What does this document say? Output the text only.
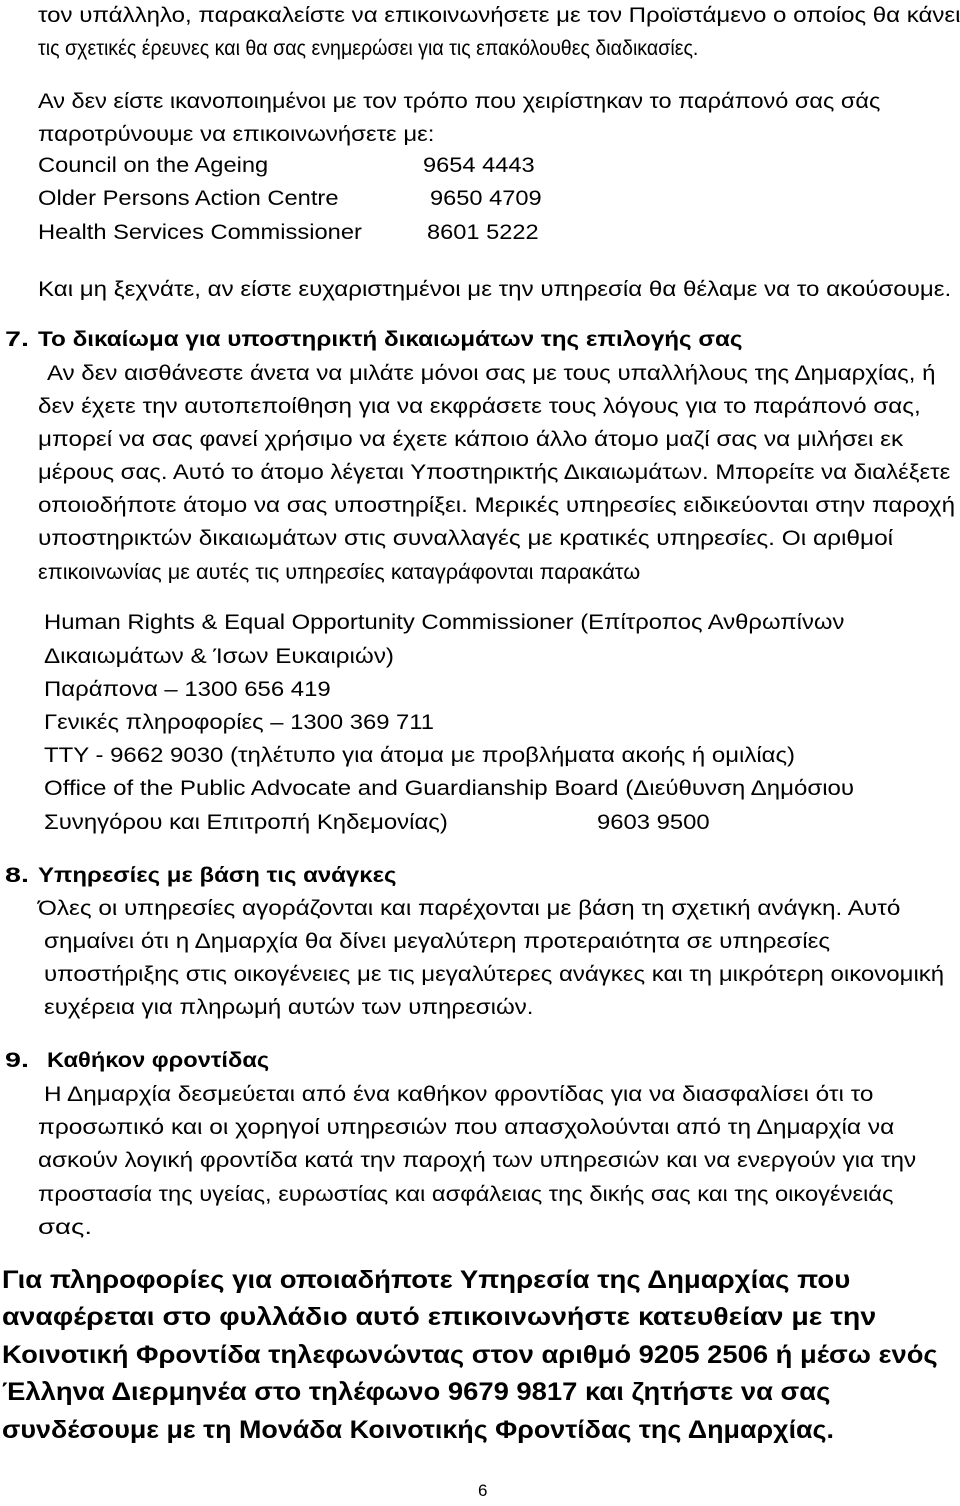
τον υπάλληλο, παρακαλείστε να επικοινωνήσετε με τον Προϊστάμενο ο οποίος θα κάνει
τις σχετικές έρευνες και θα σας ενημερώσει για τις επακόλουθες διαδικασίες.
Αν δεν είστε ικανοποιημένοι με τον τρόπο που χειρίστηκαν το παράπονό σας σάς
παροτρύνουμε να επικοινωνήσετε με:
Council on the Ageing	9654 4443
Older Persons Action Centre	9650 4709
Health Services Commissioner	8601 5222
Και μη ξεχνάτε, αν είστε ευχαριστημένοι με την υπηρεσία θα θέλαμε να το ακούσουμε.
7. Το δικαίωμα για υποστηρικτή δικαιωμάτων της επιλογής σας
Αν δεν αισθάνεστε άνετα να μιλάτε μόνοι σας με τους υπαλλήλους της Δημαρχίας, ή
δεν έχετε την αυτοπεποίθηση για να εκφράσετε τους λόγους για το παράπονό σας,
μπορεί να σας φανεί χρήσιμο να έχετε κάποιο άλλο άτομο μαζί σας να μιλήσει εκ
μέρους σας. Αυτό το άτομο λέγεται Υποστηρικτής Δικαιωμάτων. Μπορείτε να διαλέξετε
οποιοδήποτε άτομο να σας υποστηρίξει. Μερικές υπηρεσίες ειδικεύονται στην παροχή
υποστηρικτών δικαιωμάτων στις συναλλαγές με κρατικές υπηρεσίες. Οι αριθμοί
επικοινωνίας με αυτές τις υπηρεσίες καταγράφονται παρακάτω
Human Rights & Equal Opportunity Commissioner (Επίτροπος Ανθρωπίνων
Δικαιωμάτων & Ίσων Ευκαιριών)
Παράπονα – 1300 656 419
Γενικές πληροφορίες – 1300 369 711
TTY - 9662 9030 (τηλέτυπο για άτομα με προβλήματα ακοής ή ομιλίας)
Office of the Public Advocate and Guardianship Board (Διεύθυνση Δημόσιου
Συνηγόρου και Επιτροπή Κηδεμονίας)	9603 9500
8. Υπηρεσίες με βάση τις ανάγκες
Όλες οι υπηρεσίες αγοράζονται και παρέχονται με βάση τη σχετική ανάγκη. Αυτό
σημαίνει ότι η Δημαρχία θα δίνει μεγαλύτερη προτεραιότητα σε υπηρεσίες
υποστήριξης στις οικογένειες με τις μεγαλύτερες ανάγκες και τη μικρότερη οικονομική
ευχέρεια για πληρωμή αυτών των υπηρεσιών.
9. Καθήκον φροντίδας
Η Δημαρχία δεσμεύεται από ένα καθήκον φροντίδας για να διασφαλίσει ότι το
προσωπικό και οι χορηγοί υπηρεσιών που απασχολούνται από τη Δημαρχία να
ασκούν λογική φροντίδα κατά την παροχή των υπηρεσιών και να ενεργούν για την
προστασία της υγείας, ευρωστίας και ασφάλειας της δικής σας και της οικογένειάς
σας.
Για πληροφορίες για οποιαδήποτε Υπηρεσία της Δημαρχίας που
αναφέρεται στο φυλλάδιο αυτό επικοινωνήστε κατευθείαν με την
Κοινοτική Φροντίδα τηλεφωνώντας στον αριθμό 9205 2506 ή μέσω ενός
Έλληνα Διερμηνέα στο τηλέφωνο 9679 9817 και ζητήστε να σας
συνδέσουμε με τη Μονάδα Κοινοτικής Φροντίδας της Δημαρχίας.
6
